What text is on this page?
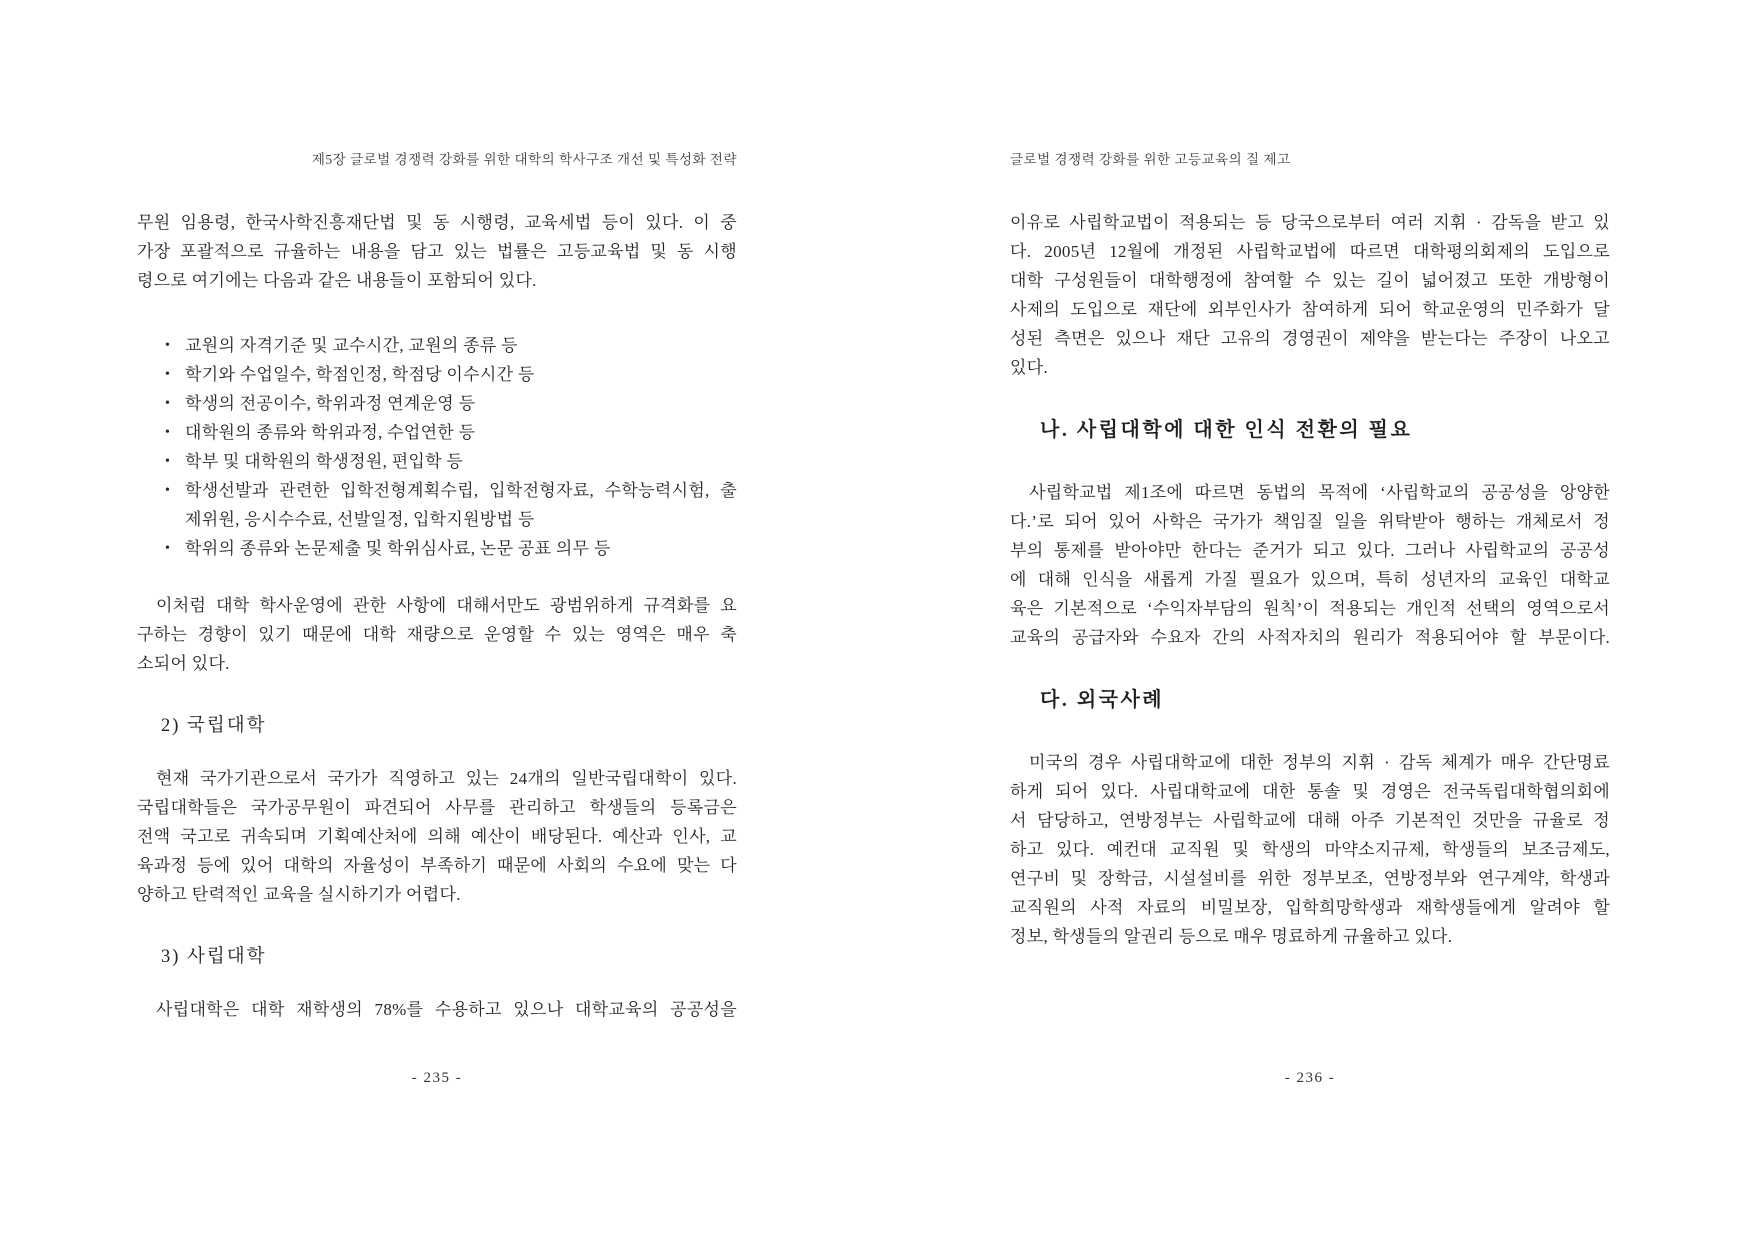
제5장 글로벌 경쟁력 강화를 위한 대학의 학사구조 개선 및 특성화 전략
무원 임용령, 한국사학진흥재단법 및 동 시행령, 교육세법 등이 있다. 이 중
가장 포괄적으로 규율하는 내용을 담고 있는 법률은 고등교육법 및 동 시행
령으로 여기에는 다음과 같은 내용들이 포함되어 있다.
• 교원의 자격기준 및 교수시간, 교원의 종류 등
• 학기와 수업일수, 학점인정, 학점당 이수시간 등
• 학생의 전공이수, 학위과정 연계운영 등
• 대학원의 종류와 학위과정, 수업연한 등
• 학부 및 대학원의 학생정원, 편입학 등
• 학생선발과 관련한 입학전형계획수립, 입학전형자료, 수학능력시험, 출
제위원, 응시수수료, 선발일정, 입학지원방법 등
• 학위의 종류와 논문제출 및 학위심사료, 논문 공표 의무 등
이처럼 대학 학사운영에 관한 사항에 대해서만도 광범위하게 규격화를 요
구하는 경향이 있기 때문에 대학 재량으로 운영할 수 있는 영역은 매우 축
소되어 있다.
2) 국립대학
현재 국가기관으로서 국가가 직영하고 있는 24개의 일반국립대학이 있다.
국립대학들은 국가공무원이 파견되어 사무를 관리하고 학생들의 등록금은
전액 국고로 귀속되며 기획예산처에 의해 예산이 배당된다. 예산과 인사, 교
육과정 등에 있어 대학의 자율성이 부족하기 때문에 사회의 수요에 맞는 다
양하고 탄력적인 교육을 실시하기가 어렵다.
3) 사립대학
사립대학은 대학 재학생의 78%를 수용하고 있으나 대학교육의 공공성을
- 235 -
글로벌 경쟁력 강화를 위한 고등교육의 질 제고
이유로 사립학교법이 적용되는 등 당국으로부터 여러 지휘 · 감독을 받고 있
다. 2005년 12월에 개정된 사립학교법에 따르면 대학평의회제의 도입으로
대학 구성원들이 대학행정에 참여할 수 있는 길이 넓어졌고 또한 개방형이
사제의 도입으로 재단에 외부인사가 참여하게 되어 학교운영의 민주화가 달
성된 측면은 있으나 재단 고유의 경영권이 제약을 받는다는 주장이 나오고
있다.
나. 사립대학에 대한 인식 전환의 필요
사립학교법 제1조에 따르면 동법의 목적에 ‘사립학교의 공공성을 앙양한
다.’로 되어 있어 사학은 국가가 책임질 일을 위탁받아 행하는 개체로서 정
부의 통제를 받아야만 한다는 준거가 되고 있다. 그러나 사립학교의 공공성
에 대해 인식을 새롭게 가질 필요가 있으며, 특히 성년자의 교육인 대학교
육은 기본적으로 ‘수익자부담의 원칙’이 적용되는 개인적 선택의 영역으로서
교육의 공급자와 수요자 간의 사적자치의 원리가 적용되어야 할 부문이다.
다. 외국사례
미국의 경우 사립대학교에 대한 정부의 지휘 · 감독 체계가 매우 간단명료
하게 되어 있다. 사립대학교에 대한 통솔 및 경영은 전국독립대학협의회에
서 담당하고, 연방정부는 사립학교에 대해 아주 기본적인 것만을 규율로 정
하고 있다. 예컨대 교직원 및 학생의 마약소지규제, 학생들의 보조금제도,
연구비 및 장학금, 시설설비를 위한 정부보조, 연방정부와 연구계약, 학생과
교직원의 사적 자료의 비밀보장, 입학희망학생과 재학생들에게 알려야 할
정보, 학생들의 알권리 등으로 매우 명료하게 규율하고 있다.
- 236 -
